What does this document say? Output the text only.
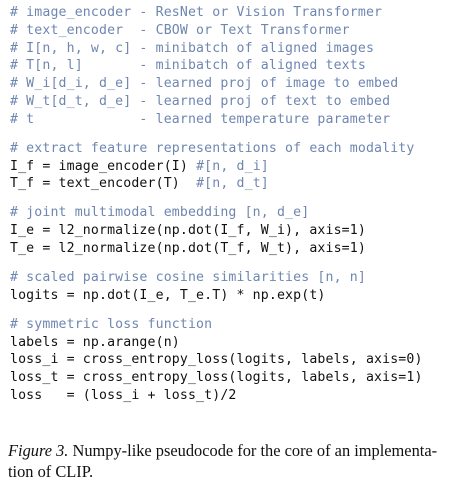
# image_encoder - ResNet or Vision Transformer
# text_encoder  - CBOW or Text Transformer
# I[n, h, w, c] - minibatch of aligned images
# T[n, l]       - minibatch of aligned texts
# W_i[d_i, d_e] - learned proj of image to embed
# W_t[d_t, d_e] - learned proj of text to embed
# t             - learned temperature parameter
# extract feature representations of each modality
I_f = image_encoder(I) #[n, d_i]
T_f = text_encoder(T)  #[n, d_t]
# joint multimodal embedding [n, d_e]
I_e = l2_normalize(np.dot(I_f, W_i), axis=1)
T_e = l2_normalize(np.dot(T_f, W_t), axis=1)
# scaled pairwise cosine similarities [n, n]
logits = np.dot(I_e, T_e.T) * np.exp(t)
# symmetric loss function
labels = np.arange(n)
loss_i = cross_entropy_loss(logits, labels, axis=0)
loss_t = cross_entropy_loss(logits, labels, axis=1)
loss   = (loss_i + loss_t)/2
Figure 3. Numpy-like pseudocode for the core of an implementa-tion of CLIP.
